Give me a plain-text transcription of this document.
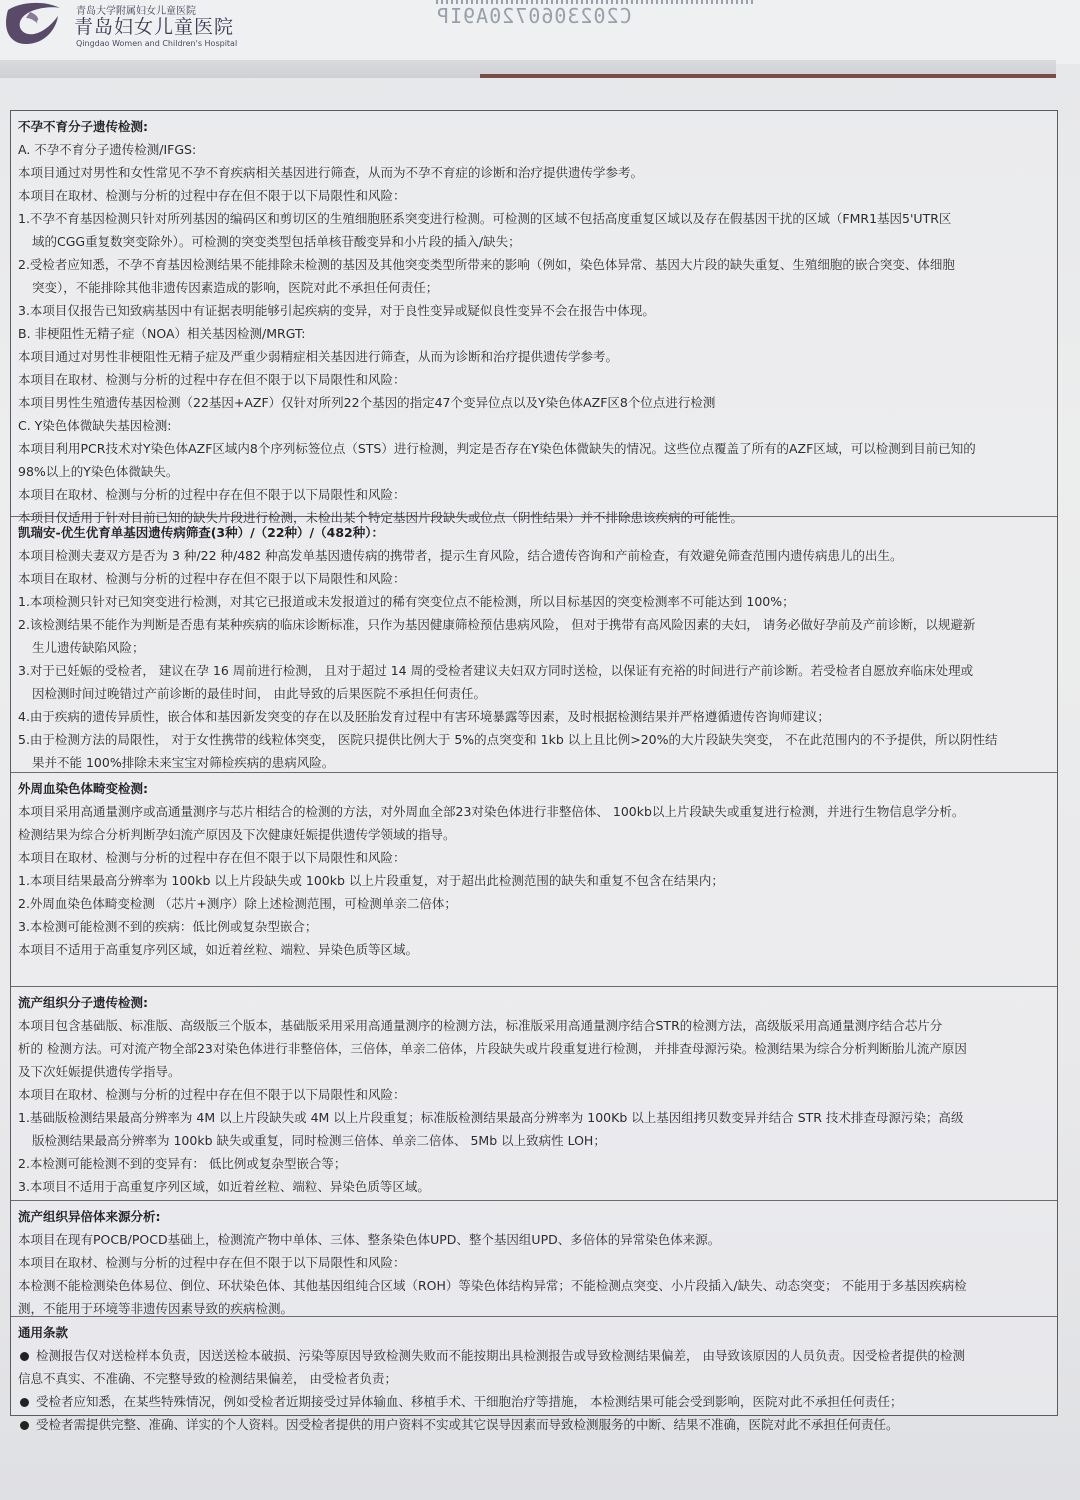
青岛大学附属妇女儿童医院
青岛妇女儿童医院
Qingdao Women and Children's Hospital
C2023060720A9IP
不孕不育分子遗传检测:
A. 不孕不育分子遗传检测/IFGS:
本项目通过对男性和女性常见不孕不育疾病相关基因进行筛查，从而为不孕不育症的诊断和治疗提供遗传学参考。
本项目在取材、检测与分析的过程中存在但不限于以下局限性和风险：
1.不孕不育基因检测只针对所列基因的编码区和剪切区的生殖细胞胚系突变进行检测。可检测的区域不包括高度重复区域以及存在假基因干扰的区域（FMR1基因5'UTR区
域的CGG重复数突变除外）。可检测的突变类型包括单核苷酸变异和小片段的插入/缺失；
2.受检者应知悉，不孕不育基因检测结果不能排除未检测的基因及其他突变类型所带来的影响（例如，染色体异常、基因大片段的缺失重复、生殖细胞的嵌合突变、体细胞
突变），不能排除其他非遗传因素造成的影响，医院对此不承担任何责任；
3.本项目仅报告已知致病基因中有证据表明能够引起疾病的变异，对于良性变异或疑似良性变异不会在报告中体现。
B. 非梗阻性无精子症（NOA）相关基因检测/MRGT:
本项目通过对男性非梗阻性无精子症及严重少弱精症相关基因进行筛查，从而为诊断和治疗提供遗传学参考。
本项目在取材、检测与分析的过程中存在但不限于以下局限性和风险：
本项目男性生殖遗传基因检测（22基因+AZF）仅针对所列22个基因的指定47个变异位点以及Y染色体AZF区8个位点进行检测
C. Y染色体微缺失基因检测:
本项目利用PCR技术对Y染色体AZF区域内8个序列标签位点（STS）进行检测，判定是否存在Y染色体微缺失的情况。这些位点覆盖了所有的AZF区域，可以检测到目前已知的
98%以上的Y染色体微缺失。
本项目在取材、检测与分析的过程中存在但不限于以下局限性和风险：
本项目仅适用于针对目前已知的缺失片段进行检测，未检出某个特定基因片段缺失或位点（阴性结果）并不排除患该疾病的可能性。
凯瑞安-优生优育单基因遗传病筛查(3种）/（22种）/（482种）：
本项目检测夫妻双方是否为 3 种/22 种/482 种高发单基因遗传病的携带者，提示生育风险，结合遗传咨询和产前检查，有效避免筛查范围内遗传病患儿的出生。
本项目在取材、检测与分析的过程中存在但不限于以下局限性和风险：
1.本项检测只针对已知突变进行检测，对其它已报道或未发报道过的稀有突变位点不能检测，所以目标基因的突变检测率不可能达到 100%；
2.该检测结果不能作为判断是否患有某种疾病的临床诊断标准，只作为基因健康筛检预估患病风险， 但对于携带有高风险因素的夫妇， 请务必做好孕前及产前诊断，以规避新
生儿遗传缺陷风险；
3.对于已妊娠的受检者， 建议在孕 16 周前进行检测， 且对于超过 14 周的受检者建议夫妇双方同时送检，以保证有充裕的时间进行产前诊断。若受检者自愿放弃临床处理或
因检测时间过晚错过产前诊断的最佳时间， 由此导致的后果医院不承担任何责任。
4.由于疾病的遗传异质性，嵌合体和基因新发突变的存在以及胚胎发育过程中有害环境暴露等因素，及时根据检测结果并严格遵循遗传咨询师建议；
5.由于检测方法的局限性， 对于女性携带的线粒体突变， 医院只提供比例大于 5%的点突变和 1kb 以上且比例>20%的大片段缺失突变， 不在此范围内的不予提供，所以阴性结
果并不能 100%排除未来宝宝对筛检疾病的患病风险。
外周血染色体畸变检测:
本项目采用高通量测序或高通量测序与芯片相结合的检测的方法，对外周血全部23对染色体进行非整倍体、 100kb以上片段缺失或重复进行检测，并进行生物信息学分析。
检测结果为综合分析判断孕妇流产原因及下次健康妊娠提供遗传学领域的指导。
本项目在取材、检测与分析的过程中存在但不限于以下局限性和风险：
1.本项目结果最高分辨率为 100kb 以上片段缺失或 100kb 以上片段重复，对于超出此检测范围的缺失和重复不包含在结果内；
2.外周血染色体畸变检测 （芯片+测序）除上述检测范围，可检测单亲二倍体；
3.本检测可能检测不到的疾病：低比例或复杂型嵌合；
本项目不适用于高重复序列区域，如近着丝粒、端粒、异染色质等区域。
流产组织分子遗传检测:
本项目包含基础版、标准版、高级版三个版本，基础版采用采用高通量测序的检测方法，标准版采用高通量测序结合STR的检测方法，高级版采用高通量测序结合芯片分
析的 检测方法。可对流产物全部23对染色体进行非整倍体，三倍体，单亲二倍体，片段缺失或片段重复进行检测， 并排查母源污染。检测结果为综合分析判断胎儿流产原因
及下次妊娠提供遗传学指导。
本项目在取材、检测与分析的过程中存在但不限于以下局限性和风险：
1.基础版检测结果最高分辨率为 4M 以上片段缺失或 4M 以上片段重复；标准版检测结果最高分辨率为 100Kb 以上基因组拷贝数变异并结合 STR 技术排查母源污染；高级
版检测结果最高分辨率为 100kb 缺失或重复，同时检测三倍体、单亲二倍体、 5Mb 以上致病性 LOH；
2.本检测可能检测不到的变异有： 低比例或复杂型嵌合等；
3.本项目不适用于高重复序列区域，如近着丝粒、端粒、异染色质等区域。
流产组织异倍体来源分析:
本项目在现有POCB/POCD基础上，检测流产物中单体、三体、整条染色体UPD、整个基因组UPD、多倍体的异常染色体来源。
本项目在取材、检测与分析的过程中存在但不限于以下局限性和风险：
本检测不能检测染色体易位、倒位、环状染色体、其他基因组纯合区域（ROH）等染色体结构异常；不能检测点突变、小片段插入/缺失、动态突变； 不能用于多基因疾病检
测，不能用于环境等非遗传因素导致的疾病检测。
通用条款
检测报告仅对送检样本负责，因送送检本破损、污染等原因导致检测失败而不能按期出具检测报告或导致检测结果偏差， 由导致该原因的人员负责。因受检者提供的检测
信息不真实、不准确、不完整导致的检测结果偏差， 由受检者负责；
受检者应知悉，在某些特殊情况，例如受检者近期接受过异体输血、移植手术、干细胞治疗等措施， 本检测结果可能会受到影响，医院对此不承担任何责任；
受检者需提供完整、准确、详实的个人资料。因受检者提供的用户资料不实或其它误导因素而导致检测服务的中断、结果不准确，医院对此不承担任何责任。
